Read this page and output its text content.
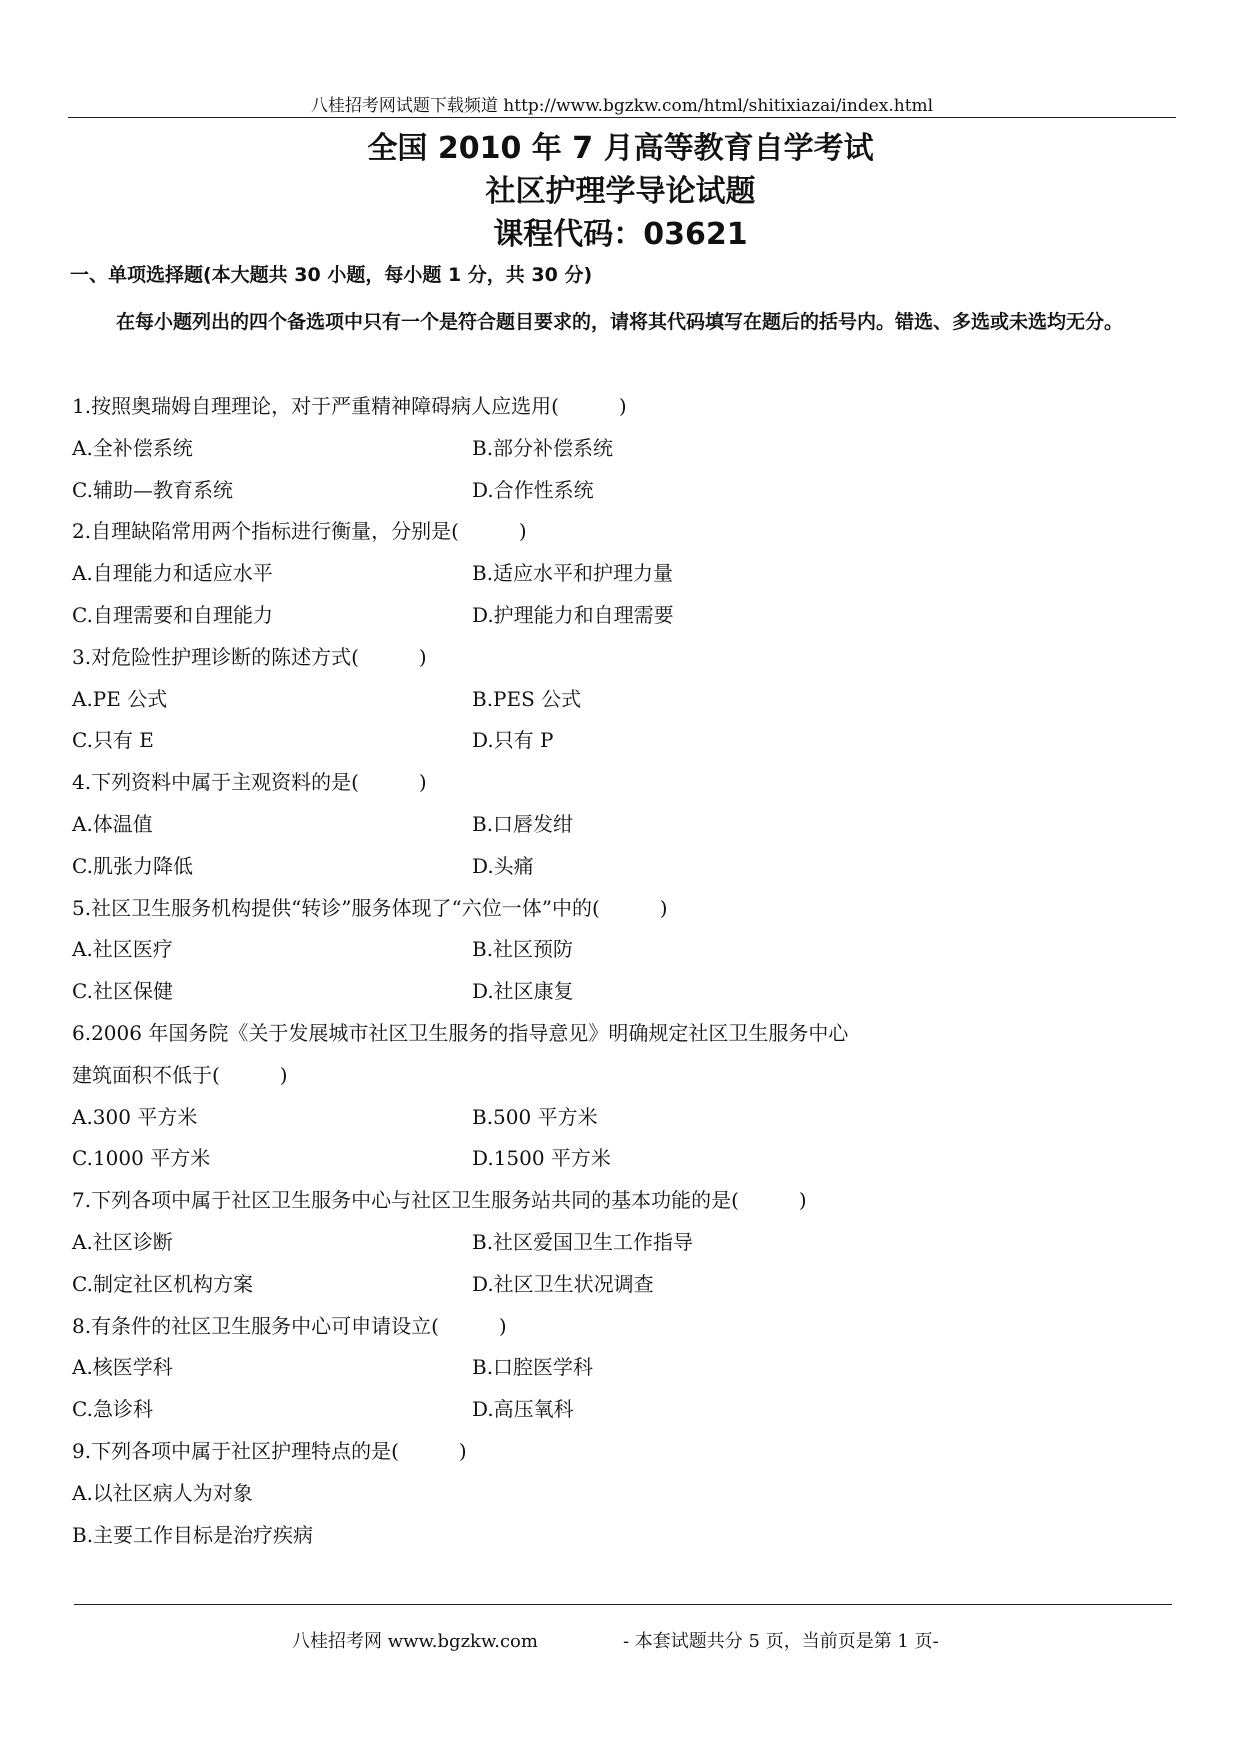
八桂招考网试题下载频道 http://www.bgzkw.com/html/shitixiazai/index.html
全国 2010 年 7 月高等教育自学考试
社区护理学导论试题
课程代码：03621
一、单项选择题(本大题共 30 小题，每小题 1 分，共 30 分)
在每小题列出的四个备选项中只有一个是符合题目要求的，请将其代码填写在题后的括号内。错选、多选或未选均无分。
1.按照奥瑞姆自理理论，对于严重精神障碍病人应选用(　　　)
A.全补偿系统	B.部分补偿系统
C.辅助—教育系统	D.合作性系统
2.自理缺陷常用两个指标进行衡量，分别是(　　　)
A.自理能力和适应水平	B.适应水平和护理力量
C.自理需要和自理能力	D.护理能力和自理需要
3.对危险性护理诊断的陈述方式(　　　)
A.PE 公式	B.PES 公式
C.只有 E	D.只有 P
4.下列资料中属于主观资料的是(　　　)
A.体温值	B.口唇发绀
C.肌张力降低	D.头痛
5.社区卫生服务机构提供“转诊”服务体现了“六位一体”中的(　　　)
A.社区医疗	B.社区预防
C.社区保健	D.社区康复
6.2006 年国务院《关于发展城市社区卫生服务的指导意见》明确规定社区卫生服务中心
建筑面积不低于(　　　)
A.300 平方米	B.500 平方米
C.1000 平方米	D.1500 平方米
7.下列各项中属于社区卫生服务中心与社区卫生服务站共同的基本功能的是(　　　)
A.社区诊断	B.社区爱国卫生工作指导
C.制定社区机构方案	D.社区卫生状况调查
8.有条件的社区卫生服务中心可申请设立(　　　)
A.核医学科	B.口腔医学科
C.急诊科	D.高压氧科
9.下列各项中属于社区护理特点的是(　　　)
A.以社区病人为对象
B.主要工作目标是治疗疾病
八桂招考网 www.bgzkw.com	- 本套试题共分 5 页，当前页是第 1 页-
